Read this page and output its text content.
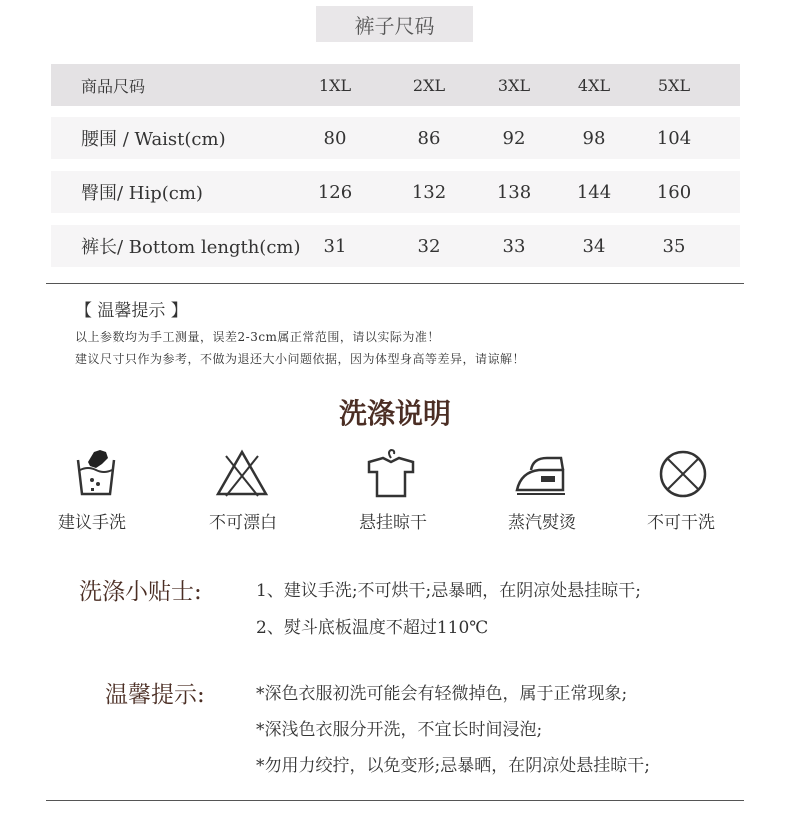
裤子尺码
商品尺码	1XL	2XL	3XL	4XL	5XL
腰围 / Waist(cm)	80	86	92	98	104
臀围/ Hip(cm)	126	132	138	144	160
裤长/ Bottom length(cm)	31	32	33	34	35
【 温馨提示 】
以上参数均为手工测量，误差2-3cm属正常范围，请以实际为准！
建议尺寸只作为参考，不做为退还大小问题依据，因为体型身高等差异，请谅解！
洗涤说明
建议手洗	不可漂白	悬挂晾干	蒸汽熨烫	不可干洗
洗涤小贴士:	1、建议手洗;不可烘干;忌暴晒，在阴凉处悬挂晾干;
2、熨斗底板温度不超过110℃
温馨提示:	*深色衣服初洗可能会有轻微掉色，属于正常现象;
*深浅色衣服分开洗，不宜长时间浸泡;
*勿用力绞拧，以免变形;忌暴晒，在阴凉处悬挂晾干;
